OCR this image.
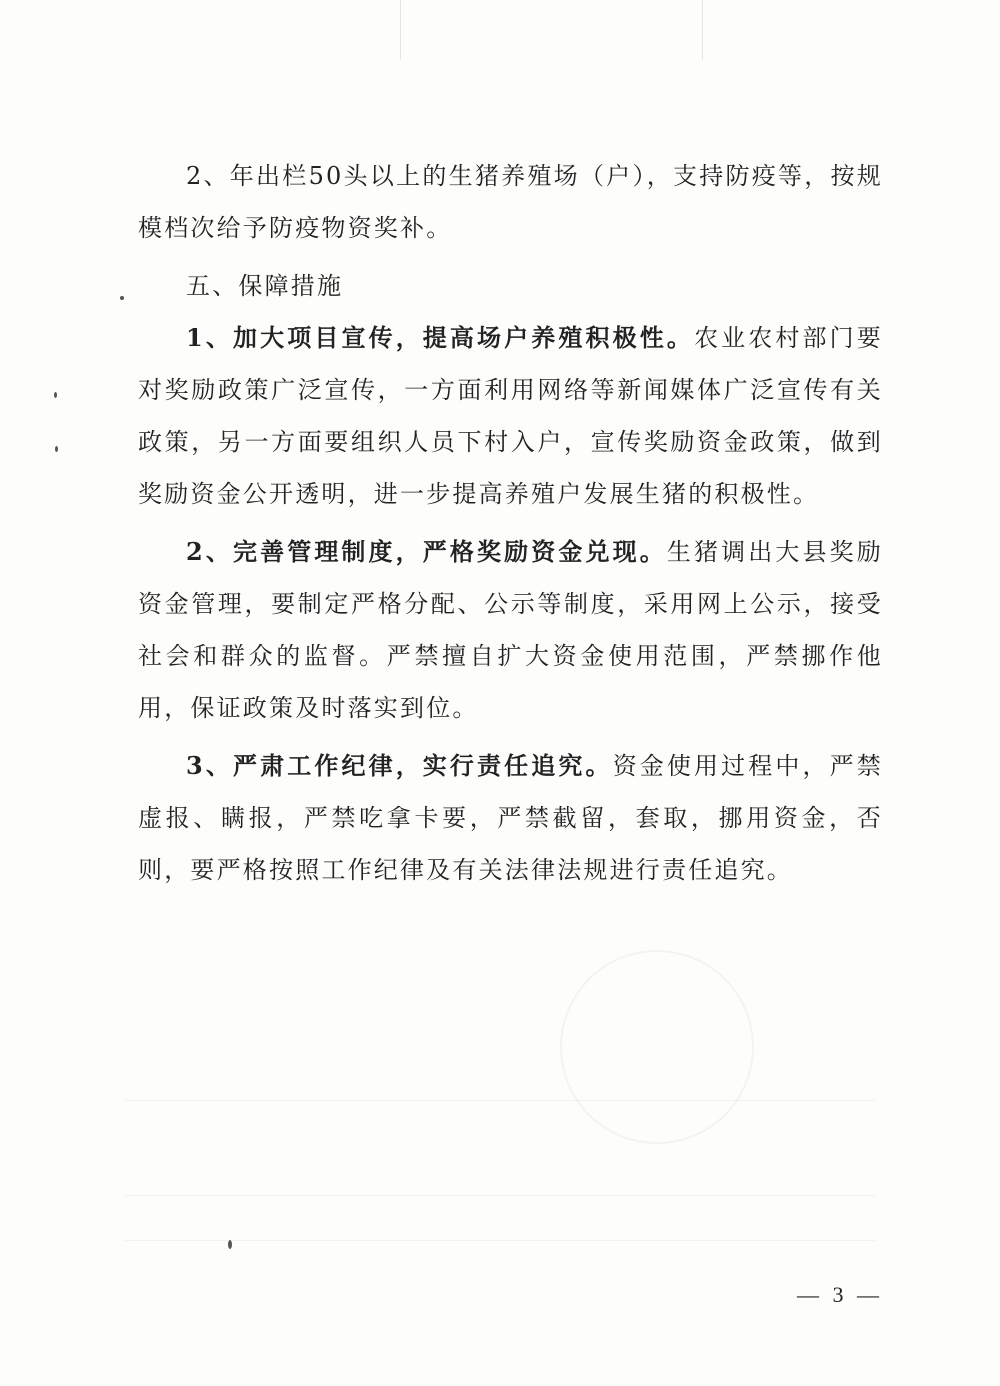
2、年出栏50头以上的生猪养殖场（户），支持防疫等，按规模档次给予防疫物资奖补。

五、保障措施

1、加大项目宣传，提高场户养殖积极性。农业农村部门要对奖励政策广泛宣传，一方面利用网络等新闻媒体广泛宣传有关政策，另一方面要组织人员下村入户，宣传奖励资金政策，做到奖励资金公开透明，进一步提高养殖户发展生猪的积极性。

2、完善管理制度，严格奖励资金兑现。生猪调出大县奖励资金管理，要制定严格分配、公示等制度，采用网上公示，接受社会和群众的监督。严禁擅自扩大资金使用范围，严禁挪作他用，保证政策及时落实到位。

3、严肃工作纪律，实行责任追究。资金使用过程中，严禁虚报、瞒报，严禁吃拿卡要，严禁截留，套取，挪用资金，否则，要严格按照工作纪律及有关法律法规进行责任追究。

— 3 —
